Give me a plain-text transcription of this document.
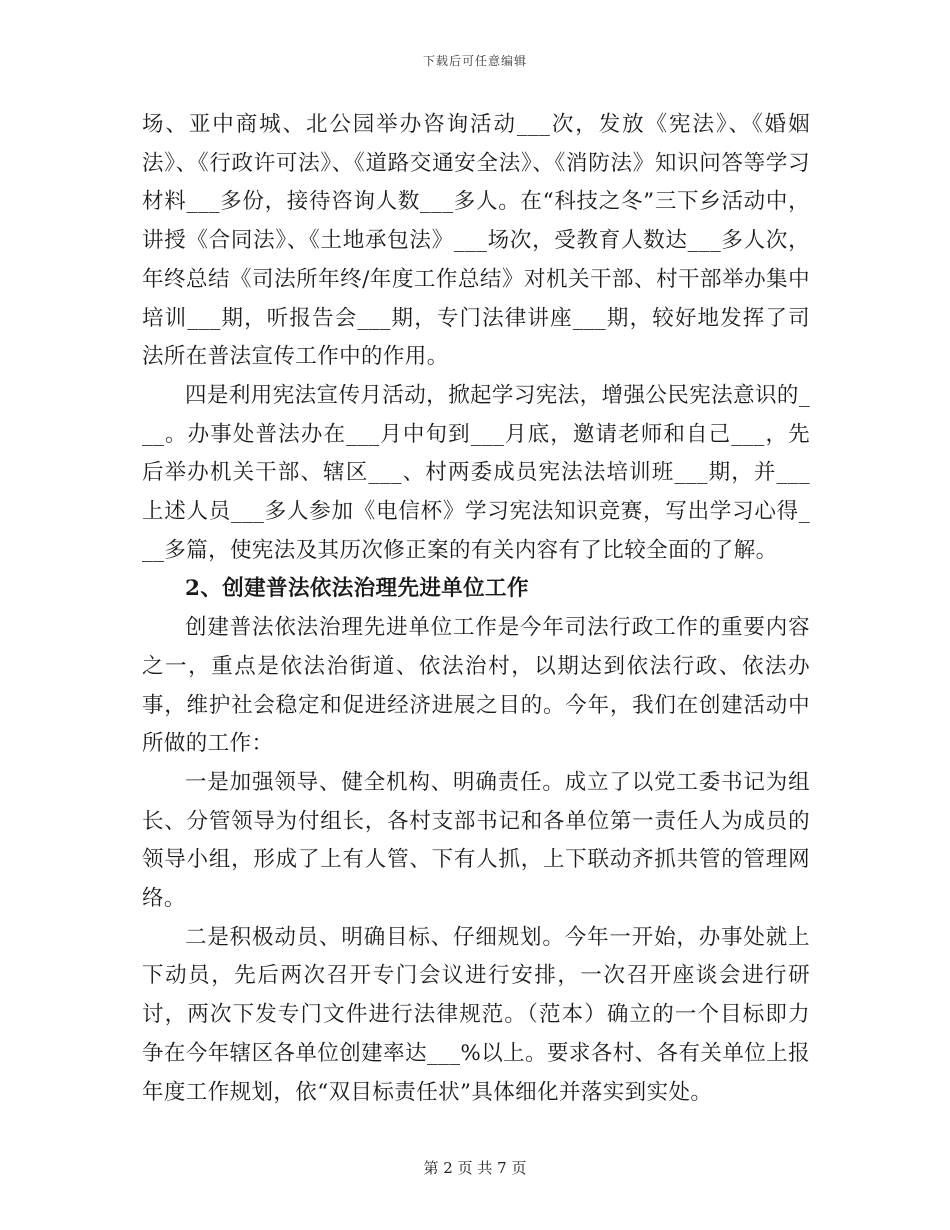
下载后可任意编辑

场、亚中商城、北公园举办咨询活动___次，发放《宪法》、《婚姻法》、《行政许可法》、《道路交通安全法》、《消防法》知识问答等学习材料___多份，接待咨询人数___多人。在“科技之冬”三下乡活动中，讲授《合同法》、《土地承包法》___场次，受教育人数达___多人次，年终总结《司法所年终/年度工作总结》对机关干部、村干部举办集中培训___期，听报告会___期，专门法律讲座___期，较好地发挥了司法所在普法宣传工作中的作用。

四是利用宪法宣传月活动，掀起学习宪法，增强公民宪法意识的___。办事处普法办在___月中旬到___月底，邀请老师和自己___，先后举办机关干部、辖区___、村两委成员宪法法培训班___期，并___上述人员___多人参加《电信杯》学习宪法知识竞赛，写出学习心得___多篇，使宪法及其历次修正案的有关内容有了比较全面的了解。

2、创建普法依法治理先进单位工作

创建普法依法治理先进单位工作是今年司法行政工作的重要内容之一，重点是依法治街道、依法治村，以期达到依法行政、依法办事，维护社会稳定和促进经济进展之目的。今年，我们在创建活动中所做的工作：

一是加强领导、健全机构、明确责任。成立了以党工委书记为组长、分管领导为付组长，各村支部书记和各单位第一责任人为成员的领导小组，形成了上有人管、下有人抓，上下联动齐抓共管的管理网络。

二是积极动员、明确目标、仔细规划。今年一开始，办事处就上下动员，先后两次召开专门会议进行安排，一次召开座谈会进行研讨，两次下发专门文件进行法律规范。（范本）确立的一个目标即力争在今年辖区各单位创建率达___%以上。要求各村、各有关单位上报年度工作规划，依“双目标责任状”具体细化并落实到实处。

第 2 页 共 7 页
